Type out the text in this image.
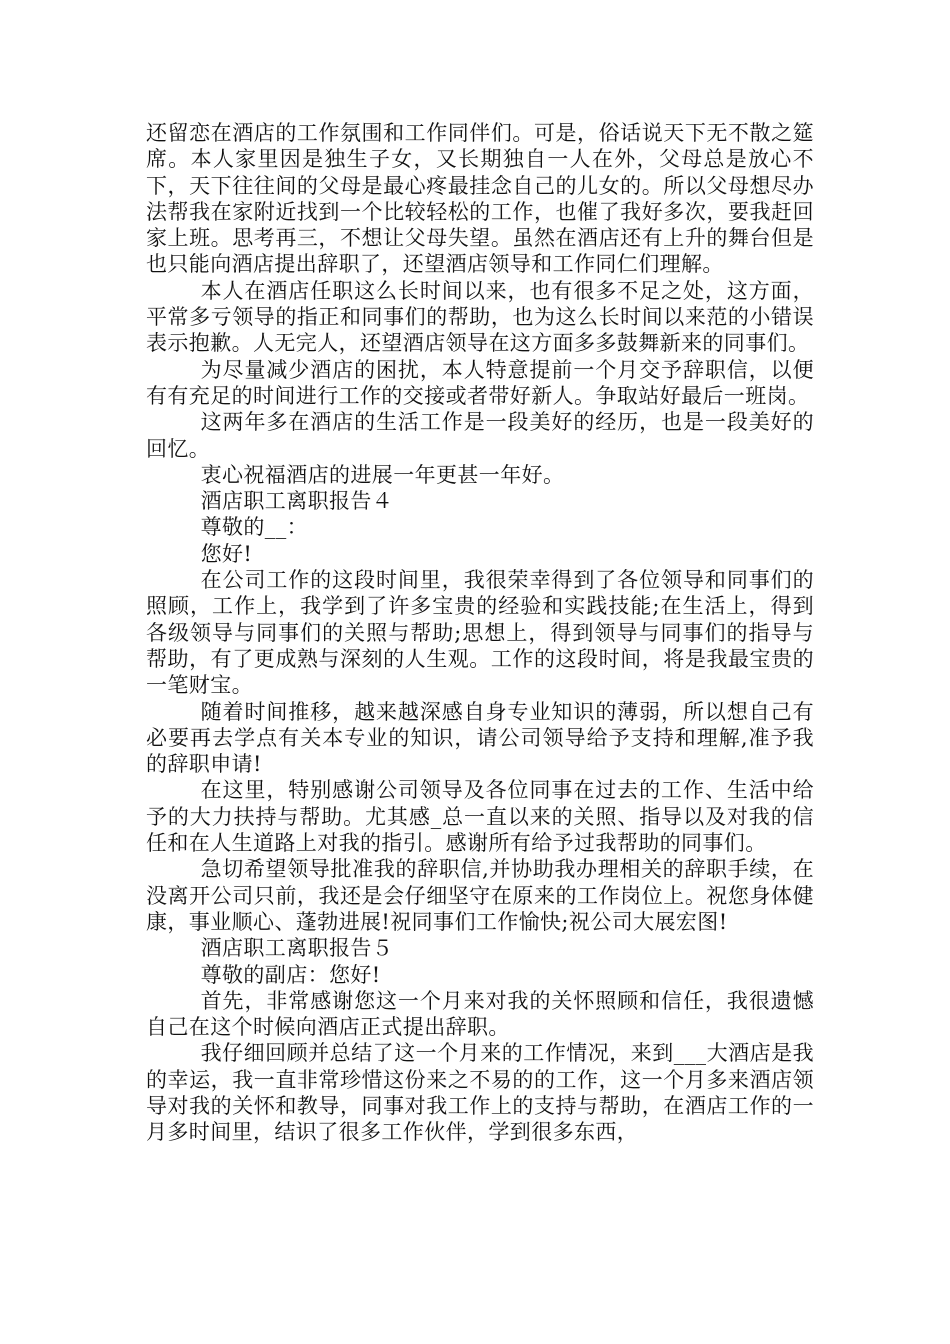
还留恋在酒店的工作氛围和工作同伴们。可是，俗话说天下无不散之筵席。本人家里因是独生子女，又长期独自一人在外，父母总是放心不下，天下往往间的父母是最心疼最挂念自己的儿女的。所以父母想尽办法帮我在家附近找到一个比较轻松的工作，也催了我好多次，要我赶回家上班。思考再三，不想让父母失望。虽然在酒店还有上升的舞台但是也只能向酒店提出辞职了，还望酒店领导和工作同仁们理解。

本人在酒店任职这么长时间以来，也有很多不足之处，这方面，平常多亏领导的指正和同事们的帮助，也为这么长时间以来范的小错误表示抱歉。人无完人，还望酒店领导在这方面多多鼓舞新来的同事们。

为尽量减少酒店的困扰，本人特意提前一个月交予辞职信，以便有有充足的时间进行工作的交接或者带好新人。争取站好最后一班岗。

这两年多在酒店的生活工作是一段美好的经历，也是一段美好的回忆。

衷心祝福酒店的进展一年更甚一年好。

酒店职工离职报告４

尊敬的__：

您好!

在公司工作的这段时间里，我很荣幸得到了各位领导和同事们的照顾，工作上，我学到了许多宝贵的经验和实践技能;在生活上，得到各级领导与同事们的关照与帮助;思想上，得到领导与同事们的指导与帮助，有了更成熟与深刻的人生观。工作的这段时间，将是我最宝贵的一笔财宝。

随着时间推移，越来越深感自身专业知识的薄弱，所以想自己有必要再去学点有关本专业的知识，请公司领导给予支持和理解,准予我的辞职申请!

在这里，特别感谢公司领导及各位同事在过去的工作、生活中给予的大力扶持与帮助。尤其感_总一直以来的关照、指导以及对我的信任和在人生道路上对我的指引。感谢所有给予过我帮助的同事们。

急切希望领导批准我的辞职信,并协助我办理相关的辞职手续，在没离开公司只前，我还是会仔细坚守在原来的工作岗位上。祝您身体健康，事业顺心、蓬勃进展!祝同事们工作愉快;祝公司大展宏图!

酒店职工离职报告５

尊敬的副店：您好!

首先，非常感谢您这一个月来对我的关怀照顾和信任，我很遗憾自己在这个时候向酒店正式提出辞职。

我仔细回顾并总结了这一个月来的工作情况，来到___大酒店是我的幸运，我一直非常珍惜这份来之不易的的工作，这一个月多来酒店领导对我的关怀和教导，同事对我工作上的支持与帮助，在酒店工作的一月多时间里，结识了很多工作伙伴，学到很多东西，
